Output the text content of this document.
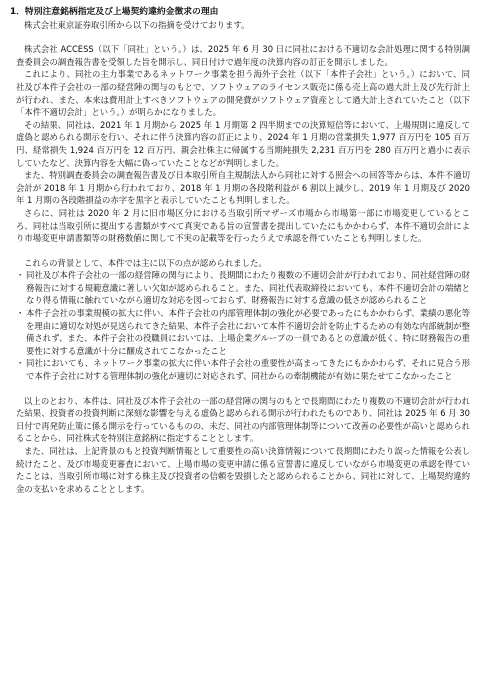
1．特別注意銘柄指定及び上場契約違約金徴求の理由

株式会社東京証券取引所から以下の指摘を受けております。

株式会社 ACCESS（以下「同社」という。）は、2025 年 6 月 30 日に同社における不適切な会計処理に関する特別調査委員会の調査報告書を受領した旨を開示し、同日付けで過年度の決算内容の訂正を開示しました。

これにより、同社の主力事業であるネットワーク事業を担う海外子会社（以下「本件子会社」という。）において、同社及び本件子会社の一部の経営陣の関与のもとで、ソフトウェアのライセンス販売に係る売上高の過大計上及び先行計上が行われ、また、本来は費用計上すべきソフトウェアの開発費がソフトウェア資産として過大計上されていたこと（以下「本件不適切会計」という。）が明らかになりました。

その結果、同社は、2021 年 1 月期から 2025 年 1 月期第 2 四半期までの決算短信等において、上場規則に違反して虚偽と認められる開示を行い、それに伴う決算内容の訂正により、2024 年 1 月期の営業損失 1,977 百万円を 105 百万円、経常損失 1,924 百万円を 12 百万円、親会社株主に帰属する当期純損失 2,231 百万円を 280 百万円と過小に表示していたなど、決算内容を大幅に偽っていたことなどが判明しました。

また、特別調査委員会の調査報告書及び日本取引所自主規制法人から同社に対する照会への回答等からは、本件不適切会計が 2018 年 1 月期から行われており、2018 年 1 月期の各段階利益が 6 割以上減少し、2019 年 1 月期及び 2020 年 1 月期の各段階損益の赤字を黒字と表示していたことも判明しました。

さらに、同社は 2020 年 2 月に旧市場区分における当取引所マザーズ市場から市場第一部に市場変更しているところ、同社は当取引所に提出する書類がすべて真実である旨の宣誓書を提出していたにもかかわらず、本件不適切会計により市場変更申請書類等の財務数値に関して不実の記載等を行ったうえで承認を得ていたことも判明しました。

これらの背景として、本件では主に以下の点が認められました。

・ 同社及び本件子会社の一部の経営陣の関与により、長期間にわたり複数の不適切会計が行われており、同社経営陣の財務報告に対する規範意識に著しい欠如が認められること。また、同社代表取締役においても、本件不適切会計の端緒となり得る情報に触れていながら適切な対応を図っておらず、財務報告に対する意識の低さが認められること
・ 本件子会社の事業規模の拡大に伴い、本件子会社の内部管理体制の強化が必要であったにもかかわらず、業績の悪化等を理由に適切な対処が見送られてきた結果、本件子会社において本件不適切会計を防止するための有効な内部統制が整備されず、また、本件子会社の役職員においては、上場企業グループの一員であるとの意識が低く、特に財務報告の重要性に対する意識が十分に醸成されてこなかったこと
・ 同社においても、ネットワーク事業の拡大に伴い本件子会社の重要性が高まってきたにもかかわらず、それに見合う形で本件子会社に対する管理体制の強化が適切に対応されず、同社からの牽制機能が有効に果たせてこなかったこと

以上のとおり、本件は、同社及び本件子会社の一部の経営陣の関与のもとで長期間にわたり複数の不適切会計が行われた結果、投資者の投資判断に深刻な影響を与える虚偽と認められる開示が行われたものであり、同社は 2025 年 6 月 30 日付で再発防止策に係る開示を行っているものの、未だ、同社の内部管理体制等について改善の必要性が高いと認められることから、同社株式を特別注意銘柄に指定することとします。

また、同社は、上記背景のもと投資判断情報として重要性の高い決算情報について長期間にわたり誤った情報を公表し続けたこと、及び市場変更審査において、上場市場の変更申請に係る宣誓書に違反していながら市場変更の承認を得ていたことは、当取引所市場に対する株主及び投資者の信頼を毀損したと認められることから、同社に対して、上場契約違約金の支払いを求めることとします。
